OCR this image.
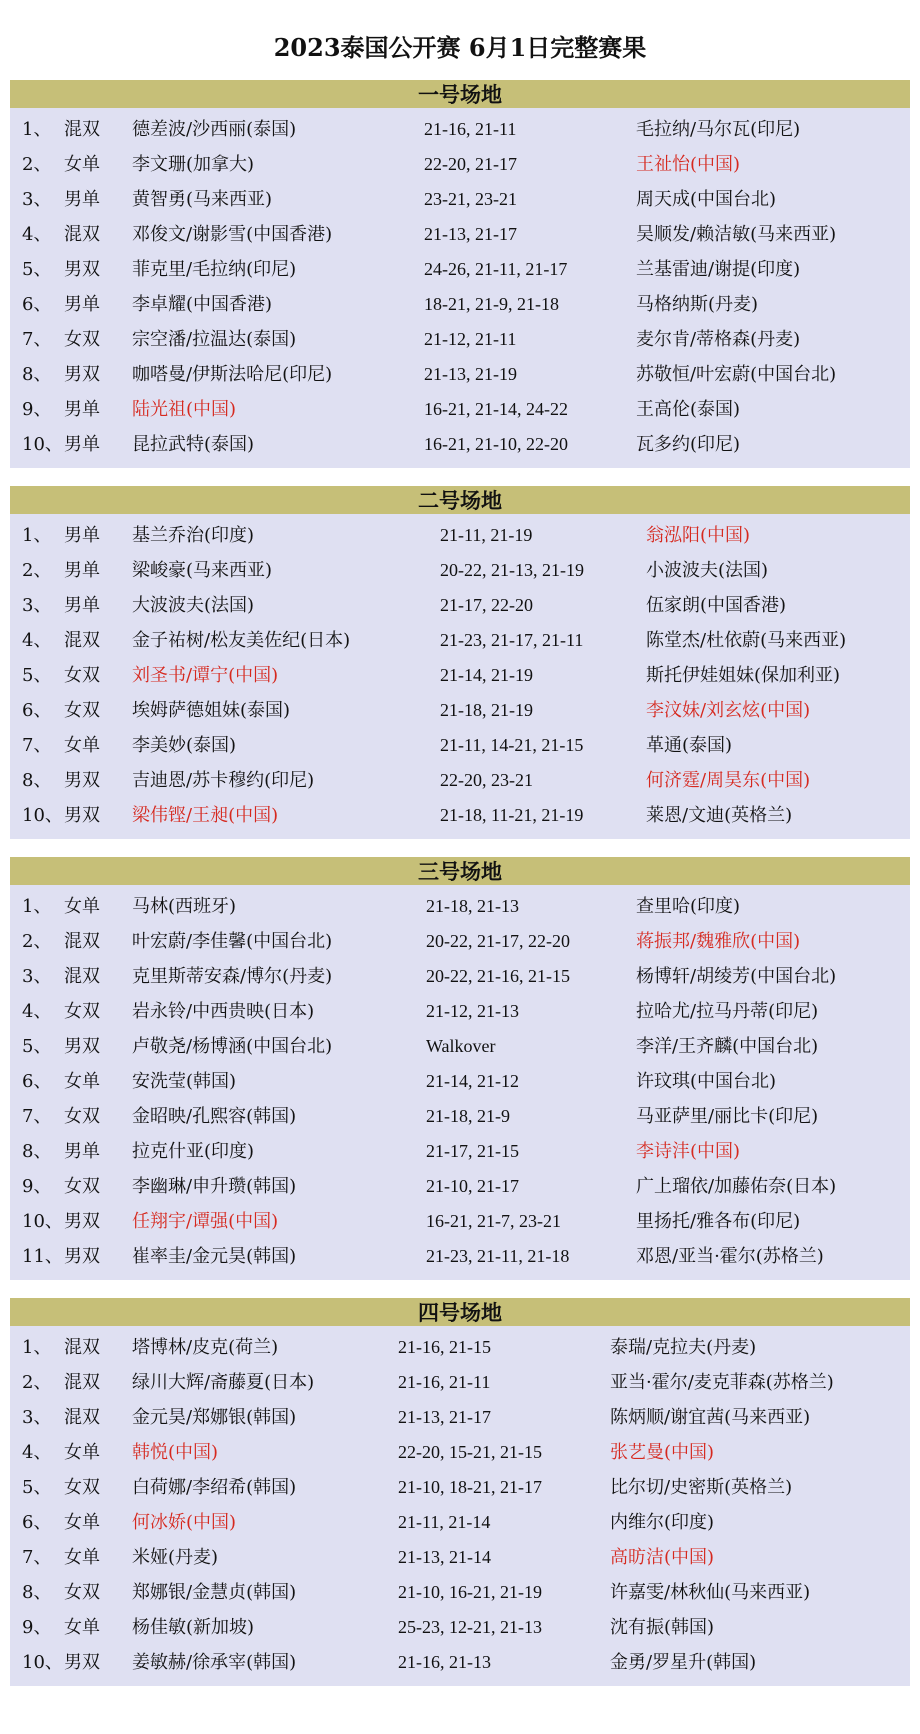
2023泰国公开赛 6月1日完整赛果
一号场地
1、 混双 德差波/沙西丽(泰国)	21-16, 21-11	毛拉纳/马尔瓦(印尼)
2、 女单 李文珊(加拿大)	22-20, 21-17	王祉怡(中国)
3、 男单 黄智勇(马来西亚)	23-21, 23-21	周天成(中国台北)
4、 混双 邓俊文/谢影雪(中国香港)	21-13, 21-17	吴顺发/赖洁敏(马来西亚)
5、 男双 菲克里/毛拉纳(印尼)	24-26, 21-11, 21-17	兰基雷迪/谢提(印度)
6、 男单 李卓耀(中国香港)	18-21, 21-9, 21-18	马格纳斯(丹麦)
7、 女双 宗空潘/拉温达(泰国)	21-12, 21-11	麦尔肯/蒂格森(丹麦)
8、 男双 咖嗒曼/伊斯法哈尼(印尼)	21-13, 21-19	苏敬恒/叶宏蔚(中国台北)
9、 男单 陆光祖(中国)	16-21, 21-14, 24-22	王高伦(泰国)
10、 男单 昆拉武特(泰国)	16-21, 21-10, 22-20	瓦多约(印尼)
二号场地
1、 男单 基兰乔治(印度)	21-11, 21-19	翁泓阳(中国)
2、 男单 梁峻豪(马来西亚)	20-22, 21-13, 21-19	小波波夫(法国)
3、 男单 大波波夫(法国)	21-17, 22-20	伍家朗(中国香港)
4、 混双 金子祐树/松友美佐纪(日本)	21-23, 21-17, 21-11	陈堂杰/杜依蔚(马来西亚)
5、 女双 刘圣书/谭宁(中国)	21-14, 21-19	斯托伊娃姐妹(保加利亚)
6、 女双 埃姆萨德姐妹(泰国)	21-18, 21-19	李汶妹/刘玄炫(中国)
7、 女单 李美妙(泰国)	21-11, 14-21, 21-15	革通(泰国)
8、 男双 吉迪恩/苏卡穆约(印尼)	22-20, 23-21	何济霆/周昊东(中国)
10、 男双 梁伟铿/王昶(中国)	21-18, 11-21, 21-19	莱恩/文迪(英格兰)
三号场地
1、 女单 马林(西班牙)	21-18, 21-13	查里哈(印度)
2、 混双 叶宏蔚/李佳馨(中国台北)	20-22, 21-17, 22-20	蒋振邦/魏雅欣(中国)
3、 混双 克里斯蒂安森/博尔(丹麦)	20-22, 21-16, 21-15	杨博轩/胡绫芳(中国台北)
4、 女双 岩永铃/中西贵映(日本)	21-12, 21-13	拉哈尤/拉马丹蒂(印尼)
5、 男双 卢敬尧/杨博涵(中国台北)	Walkover	李洋/王齐麟(中国台北)
6、 女单 安洗莹(韩国)	21-14, 21-12	许玟琪(中国台北)
7、 女双 金昭映/孔熙容(韩国)	21-18, 21-9	马亚萨里/丽比卡(印尼)
8、 男单 拉克什亚(印度)	21-17, 21-15	李诗沣(中国)
9、 女双 李幽琳/申升瓒(韩国)	21-10, 21-17	广上瑠依/加藤佑奈(日本)
10、 男双 任翔宇/谭强(中国)	16-21, 21-7, 23-21	里扬托/雅各布(印尼)
11、 男双 崔率圭/金元昊(韩国)	21-23, 21-11, 21-18	邓恩/亚当·霍尔(苏格兰)
四号场地
1、 混双 塔博林/皮克(荷兰)	21-16, 21-15	泰瑞/克拉夫(丹麦)
2、 混双 绿川大辉/斋藤夏(日本)	21-16, 21-11	亚当·霍尔/麦克菲森(苏格兰)
3、 混双 金元昊/郑娜银(韩国)	21-13, 21-17	陈炳顺/谢宜茜(马来西亚)
4、 女单 韩悦(中国)	22-20, 15-21, 21-15	张艺曼(中国)
5、 女双 白荷娜/李绍希(韩国)	21-10, 18-21, 21-17	比尔切/史密斯(英格兰)
6、 女单 何冰娇(中国)	21-11, 21-14	内维尔(印度)
7、 女单 米娅(丹麦)	21-13, 21-14	高昉洁(中国)
8、 女双 郑娜银/金慧贞(韩国)	21-10, 16-21, 21-19	许嘉雯/林秋仙(马来西亚)
9、 女单 杨佳敏(新加坡)	25-23, 12-21, 21-13	沈有振(韩国)
10、 男双 姜敏赫/徐承宰(韩国)	21-16, 21-13	金勇/罗星升(韩国)
